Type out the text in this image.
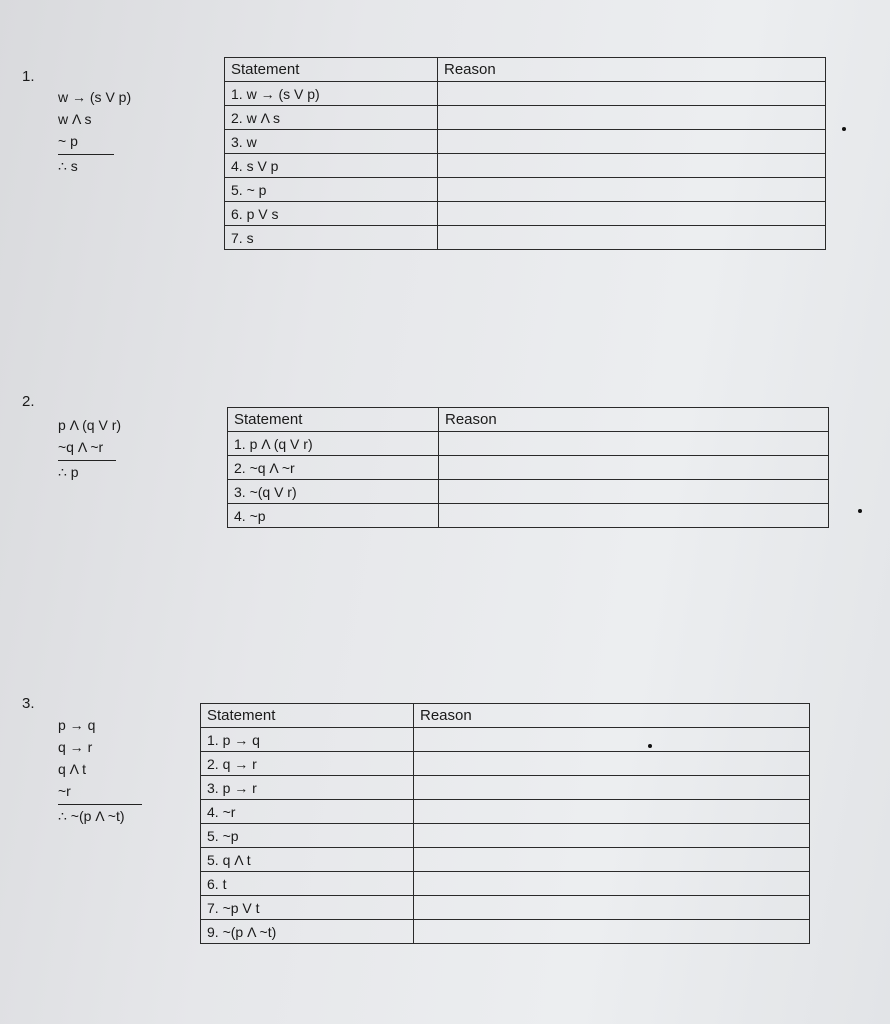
1.
w → (s V p)
w Λ s
~ p
∴ s
Statement	Reason
1. w → (s V p)	
2. w Λ s	
3. w	
4. s V p	
5. ~ p	
6. p V s	
7. s	
2.
p Λ (q V r)
~q Λ ~r
∴ p
Statement	Reason
1. p Λ (q V r)	
2. ~q Λ ~r	
3. ~(q V r)	
4. ~p	
3.
p → q
q → r
q Λ t
~r
∴ ~(p Λ ~t)
Statement	Reason
1. p → q	
2. q → r	
3. p → r	
4. ~r	
5. ~p	
5. q Λ t	
6. t	
7. ~p V t	
9. ~(p Λ ~t)	
